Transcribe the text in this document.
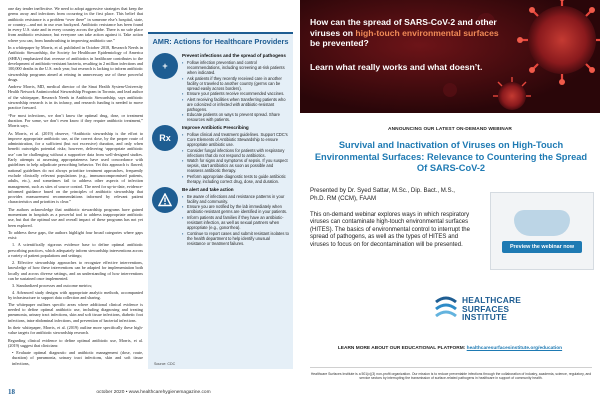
one day tender ineffective. We need to adopt aggressive strategies that keep the germs away and infections from occurring in the first place. This belief that antibiotic resistance is a problem “over there” in someone else’s hospital, state, or country—and not in our own backyard. Antibiotic resistance has been found in every U.S. state and in every country across the globe. There is no safe place from antibiotic resistance, but everyone can take action against it. Take action where you can, from handwashing to improving antibiotic use.”

In a whitepaper by Morris, et al. published in October 2018, Research Needs in Antibiotic Stewardship, the Society for Healthcare Epidemiology of America (SHEA) emphasized that overuse of antibiotics in healthcare contributes to the development of antibiotic-resistant bacteria, resulting in 2 million infections and 100,000 deaths in the U.S. each year, but research is lacking to inform antibiotic stewardship programs aimed at reining in unnecessary use of these powerful drugs.

Andrew Morris, MD, medical director of the Sinai Health System-University Health Network Antimicrobial Stewardship Program in Toronto, and lead author of the whitepaper, Research Needs in Antibiotic Stewardship, says antibiotic stewardship research is in its infancy, and research funding is needed to move practice forward.

“For most infections, we don’t know the optimal drug, dose, or treatment duration. For some, we don’t even know if they require antibiotic treatment,” Morris says.

As Morris, et al. (2019) observe, “Antibiotic stewardship is the effort to improve appropriate antibiotic use, at the correct dose, by the proper route of administration, for a sufficient (but not excessive) duration, and only when benefit outweighs potential risks; however, delivering ‘appropriate antibiotic use’ can be challenging without a supportive data from well-designed studies. Early attempts at assessing appropriateness have used concordance with guidelines to help adjudicate prescribing behavior. Yet this approach is flawed; national guidelines do not always prioritize treatment approaches, frequently exclude clinically relevant populations (e.g., immunocompromised patients, adults, etc.), and sometimes fail to address other aspects of infection management, such as sites of source control. The need for up-to-date, evidence-informed guidance based on the principles of antibiotic stewardship that provides measurement recommendations informed by relevant patient characteristics and priorities is clear.”

The authors acknowledge that antibiotic stewardship programs have gained momentum in hospitals as a powerful tool to address inappropriate antibiotic use, but that the optimal use and overall impact of these programs has not yet been explored.

To address these gaps, the authors highlight four broad categories where gaps exist:

1. A scientifically rigorous evidence base to define optimal antibiotic prescribing practices, which adequately inform stewardship interventions across a variety of patient populations and settings;
2. Effective stewardship approaches to recognize effective interventions, knowledge of how these interventions can be adapted for implementation both locally and across diverse settings, and an understanding of how interventions can be sustained once implemented.
3. Standardized processes and outcome metrics;
4. Advanced study designs with appropriate analytic methods, accompanied by infrastructure to support data collection and sharing.

The whitepaper outlines specific areas where additional clinical evidence is needed to define optimal antibiotic use, including diagnosing and treating pneumonia, urinary tract infections, skin and soft tissue infections, diabetic foot infections, intra-abdominal infections, and prevention of bacterial infections.

In their whitepaper, Morris, et al. (2019) outline more specifically these high-value targets for antibiotic stewardship research.

Regarding clinical evidence to define optimal antibiotic use, Morris, et al. (2019) suggest that clinicians:

• Evaluate optimal diagnostic and antibiotic management (dose, route, duration) of pneumonia, urinary tract infections, skin and soft tissue infections,
AMR: Actions for Healthcare Providers
+
Prevent infections and the spread of pathogens
▪ Follow infection prevention and control recommendations, including screening at-risk patients when indicated.
▪ Ask patients if they recently received care in another facility or traveled to another country (germs can be spread easily across borders).
▪ Ensure your patients receive recommended vaccines.
▪ Alert receiving facilities when transferring patients who are colonized or infected with antibiotic-resistant pathogens.
▪ Educate patients on ways to prevent spread. Share resources with patients.
Rx
Improve Antibiotic Prescribing
▪ Follow clinical and treatment guidelines. Support CDC’s Core Elements of Antibiotic Stewardship to ensure appropriate antibiotic use.
▪ Consider fungal infections for patients with respiratory infections that do not respond to antibiotics.
▪ Watch for signs and symptoms of sepsis. If you suspect sepsis, start antibiotics as soon as possible and reassess antibiotic therapy.
▪ Perform appropriate diagnostic tests to guide antibiotic therapy, including correct drug, dose, and duration.
Be alert and take action
▪ Be aware of infections and resistance patterns in your facility and community.
▪ Ensure you are notified by the lab immediately when antibiotic-resistant germs are identified in your patients.
▪ Inform patients and families if they have an antibiotic-resistant infection, as well as sexual partners when appropriate (e.g., gonorrhea).
▪ Continue to report cases and submit resistant isolates to the health department to help identify unusual resistance or treatment failures.
Source: CDC
18	october 2020 • www.healthcarehygienemagazine.com
How can the spread of SARS-CoV-2 and other viruses on high-touch environmental surfaces be prevented?
Learn what really works and what doesn’t.
ANNOUNCING OUR LATEST ON-DEMAND WEBINAR
Survival and Inactivation of Viruses on High-Touch Environmental Surfaces: Relevance to Countering the Spread Of SARS-CoV-2
Presented by Dr. Syed Sattar, M.Sc., Dip. Bact., M.S., Ph.D. RM (CCM), FAAM
This on-demand webinar explores ways in which respiratory viruses can contaminate high-touch environmental surfaces (HITES). The basics of environmental control to interrupt the spread of pathogens, as well as the types of HITES and viruses to focus on for decontamination will be presented.	Preview the webinar now
HEALTHCARE
SURFACES
INSTITUTE
LEARN MORE ABOUT OUR EDUCATIONAL PLATFORM: healthcaresurfacesinstitute.org/education
Healthcare Surfaces Institute is a 501(c)(3) non-profit organization. Our mission is to reduce preventable infections through the collaboration of industry, academia, science, regulatory, and service sectors by interrupting the transmission of surface-related pathogens in healthcare in support of community health.
